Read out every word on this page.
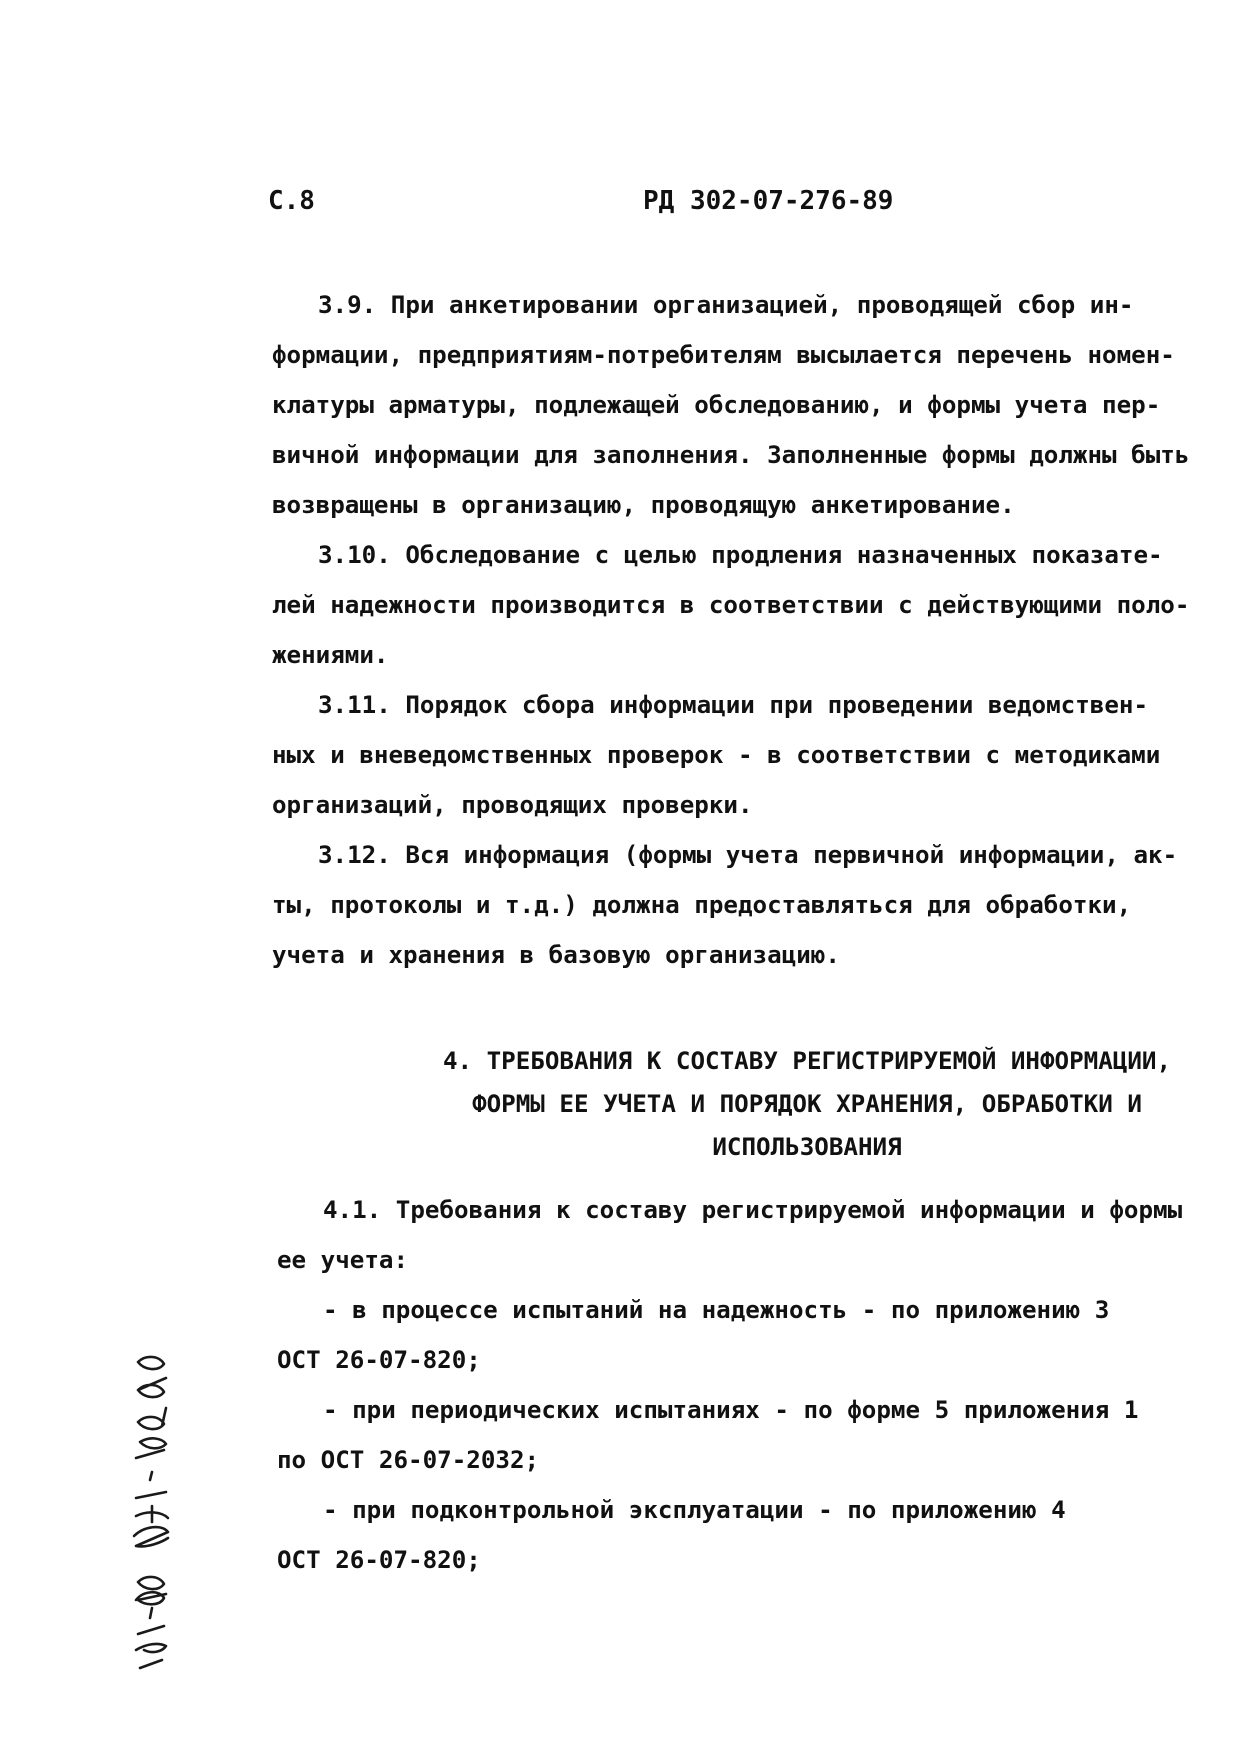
С.8	РД 302-07-276-89
3.9. При анкетировании организацией, проводящей сбор ин-
формации, предприятиям-потребителям высылается перечень номен-
клатуры арматуры, подлежащей обследованию, и формы учета пер-
вичной информации для заполнения. Заполненные формы должны быть
возвращены в организацию, проводящую анкетирование.
3.10. Обследование с целью продления назначенных показате-
лей надежности производится в соответствии с действующими поло-
жениями.
3.11. Порядок сбора информации при проведении ведомствен-
ных и вневедомственных проверок - в соответствии с методиками
организаций, проводящих проверки.
3.12. Вся информация (формы учета первичной информации, ак-
ты, протоколы и т.д.) должна предоставляться для обработки,
учета и хранения в базовую организацию.
4. ТРЕБОВАНИЯ К СОСТАВУ РЕГИСТРИРУЕМОЙ ИНФОРМАЦИИ,
ФОРМЫ ЕЕ УЧЕТА И ПОРЯДОК ХРАНЕНИЯ, ОБРАБОТКИ И
ИСПОЛЬЗОВАНИЯ
4.1. Требования к составу регистрируемой информации и формы
ее учета:
- в процессе испытаний на надежность - по приложению 3
ОСТ 26-07-820;
- при периодических испытаниях - по форме 5 приложения 1
по ОСТ 26-07-2032;
- при подконтрольной эксплуатации - по приложению 4
ОСТ 26-07-820;
